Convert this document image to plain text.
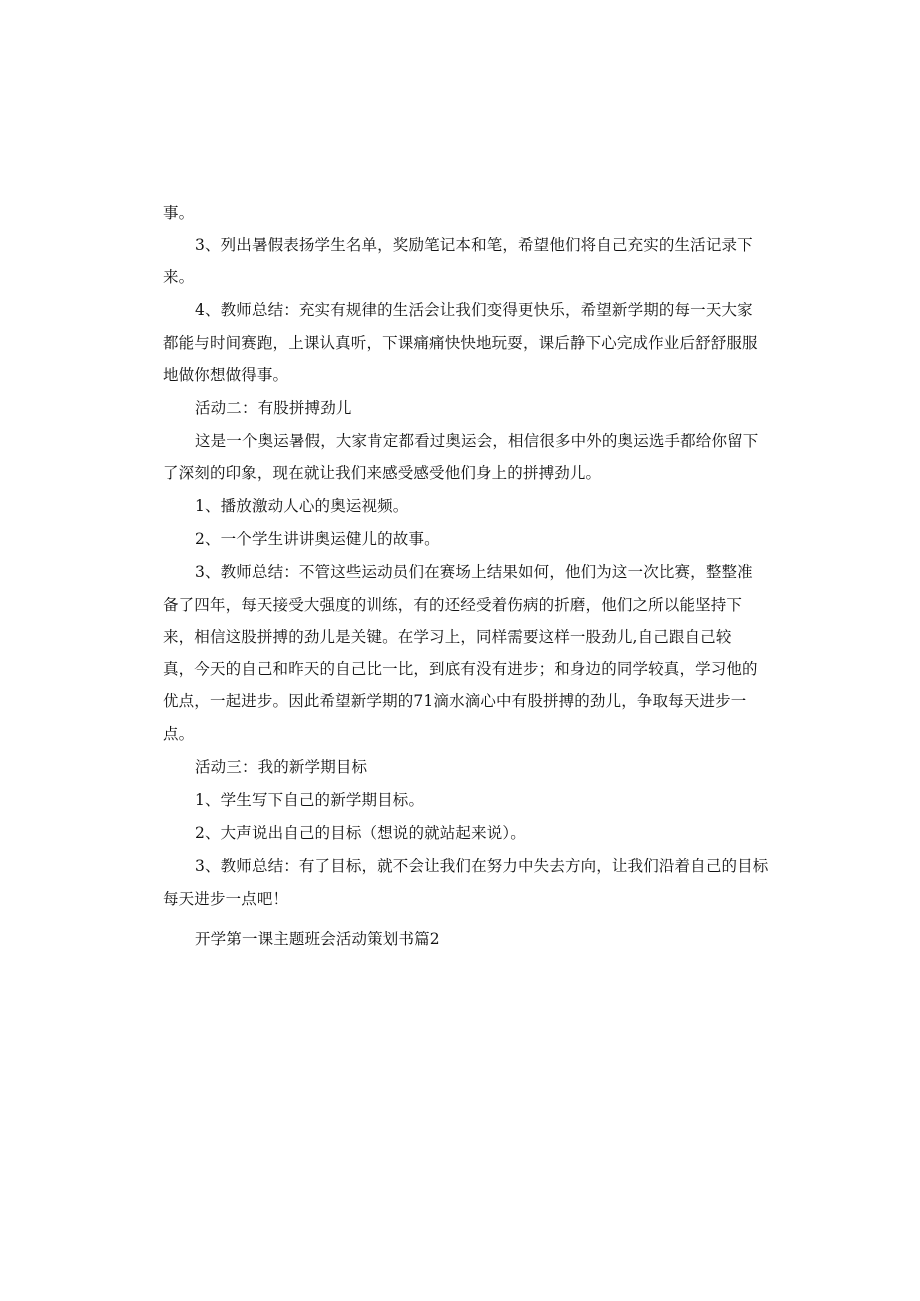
事。
3、列出暑假表扬学生名单，奖励笔记本和笔，希望他们将自己充实的生活记录下
来。
4、教师总结：充实有规律的生活会让我们变得更快乐，希望新学期的每一天大家
都能与时间赛跑，上课认真听，下课痛痛快快地玩耍，课后静下心完成作业后舒舒服服
地做你想做得事。
活动二：有股拼搏劲儿
这是一个奥运暑假，大家肯定都看过奥运会，相信很多中外的奥运选手都给你留下
了深刻的印象，现在就让我们来感受感受他们身上的拼搏劲儿。
1、播放激动人心的奥运视频。
2、一个学生讲讲奥运健儿的故事。
3、教师总结：不管这些运动员们在赛场上结果如何，他们为这一次比赛，整整准
备了四年，每天接受大强度的训练，有的还经受着伤病的折磨，他们之所以能坚持下
来，相信这股拼搏的劲儿是关键。在学习上，同样需要这样一股劲儿,自己跟自己较
真，今天的自己和昨天的自己比一比，到底有没有进步；和身边的同学较真，学习他的
优点，一起进步。因此希望新学期的71滴水滴心中有股拼搏的劲儿，争取每天进步一
点。
活动三：我的新学期目标
1、学生写下自己的新学期目标。
2、大声说出自己的目标（想说的就站起来说）。
3、教师总结：有了目标，就不会让我们在努力中失去方向，让我们沿着自己的目标
每天进步一点吧！
开学第一课主题班会活动策划书篇2
